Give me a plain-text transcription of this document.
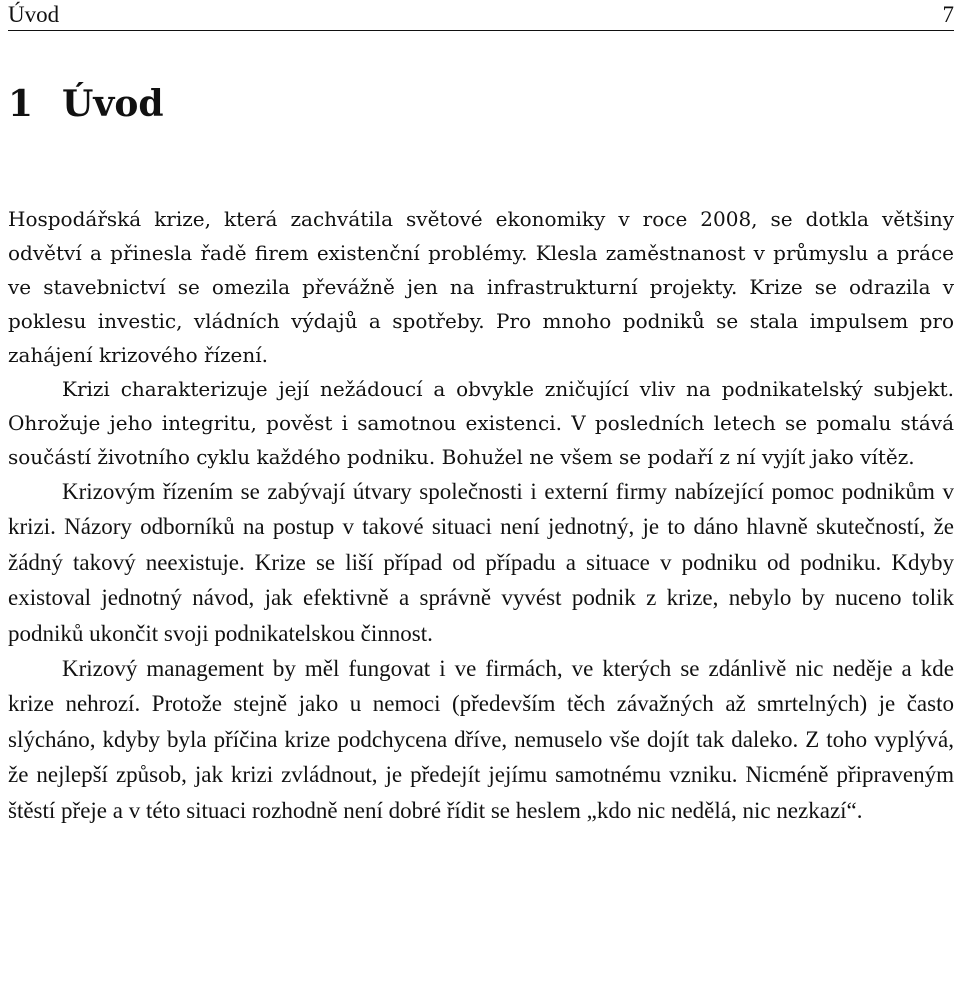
Úvod	7
1 Úvod

Hospodářská krize, která zachvátila světové ekonomiky v roce 2008, se dotkla většiny odvětví a přinesla řadě firem existenční problémy. Klesla zaměstnanost v průmyslu a práce ve stavebnictví se omezila převážně jen na infrastrukturní projekty. Krize se odrazila v poklesu investic, vládních výdajů a spotřeby. Pro mnoho podniků se stala impulsem pro zahájení krizového řízení.

Krizi charakterizuje její nežádoucí a obvykle zničující vliv na podnikatelský subjekt. Ohrožuje jeho integritu, pověst i samotnou existenci. V posledních letech se pomalu stává součástí životního cyklu každého podniku. Bohužel ne všem se podaří z ní vyjít jako vítěz.

Krizovým řízením se zabývají útvary společnosti i externí firmy nabízející pomoc podnikům v krizi. Názory odborníků na postup v takové situaci není jednotný, je to dáno hlavně skutečností, že žádný takový neexistuje. Krize se liší případ od případu a situace v podniku od podniku. Kdyby existoval jednotný návod, jak efektivně a správně vyvést podnik z krize, nebylo by nuceno tolik podniků ukončit svoji podnikatelskou činnost.

Krizový management by měl fungovat i ve firmách, ve kterých se zdánlivě nic neděje a kde krize nehrozí. Protože stejně jako u nemoci (především těch závažných až smrtelných) je často slýcháno, kdyby byla příčina krize podchycena dříve, nemuselo vše dojít tak daleko. Z toho vyplývá, že nejlepší způsob, jak krizi zvládnout, je předejít jejímu samotnému vzniku. Nicméně připraveným štěstí přeje a v této situaci rozhodně není dobré řídit se heslem „kdo nic nedělá, nic nezkazí“.
